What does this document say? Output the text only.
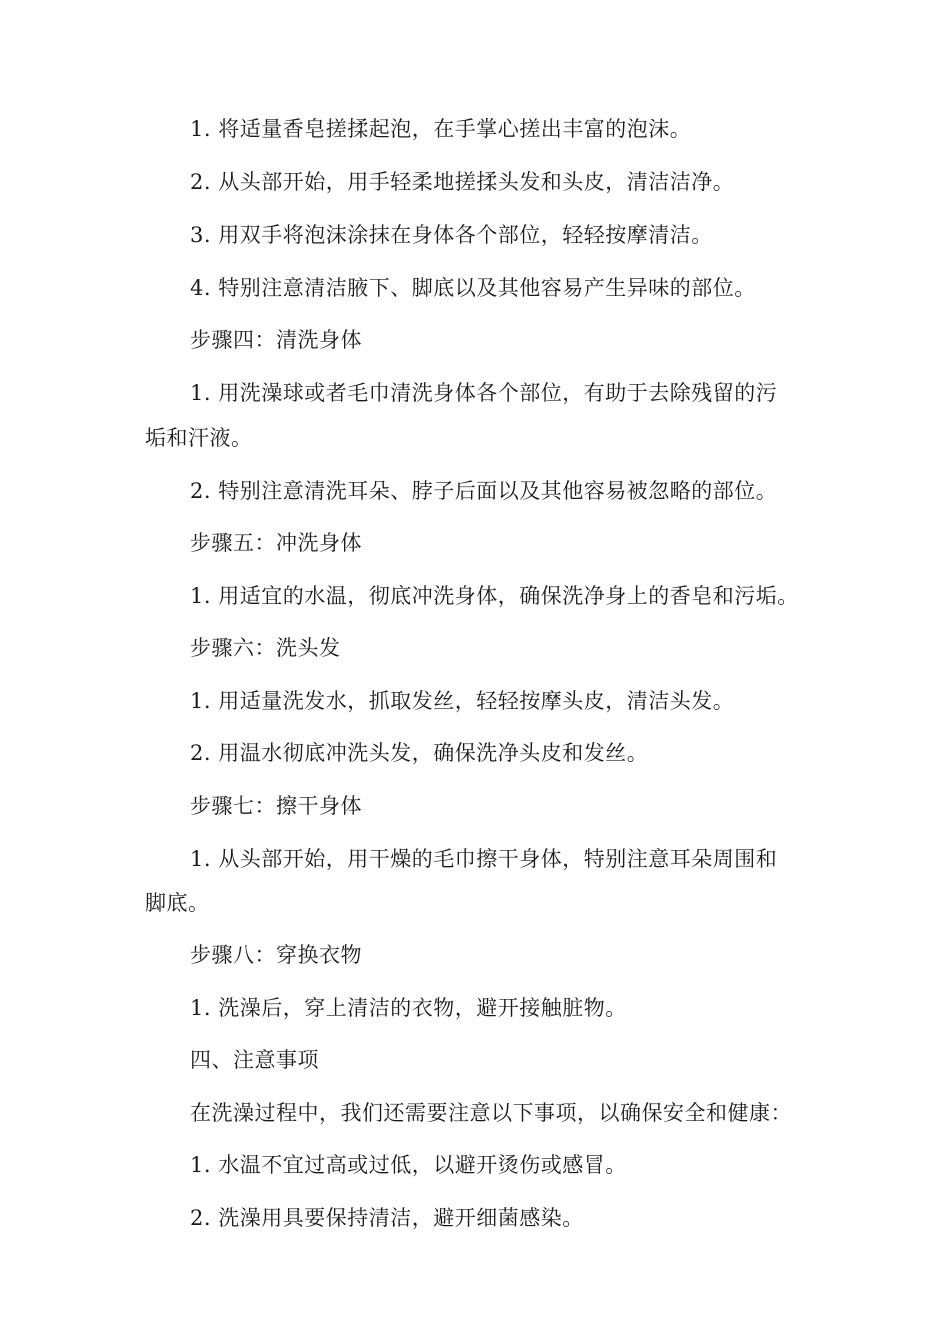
1. 将适量香皂搓揉起泡，在手掌心搓出丰富的泡沫。
2. 从头部开始，用手轻柔地搓揉头发和头皮，清洁洁净。
3. 用双手将泡沫涂抹在身体各个部位，轻轻按摩清洁。
4. 特别注意清洁腋下、脚底以及其他容易产生异味的部位。
步骤四：清洗身体
1. 用洗澡球或者毛巾清洗身体各个部位，有助于去除残留的污
垢和汗液。
2. 特别注意清洗耳朵、脖子后面以及其他容易被忽略的部位。
步骤五：冲洗身体
1. 用适宜的水温，彻底冲洗身体，确保洗净身上的香皂和污垢。
步骤六：洗头发
1. 用适量洗发水，抓取发丝，轻轻按摩头皮，清洁头发。
2. 用温水彻底冲洗头发，确保洗净头皮和发丝。
步骤七：擦干身体
1. 从头部开始，用干燥的毛巾擦干身体，特别注意耳朵周围和
脚底。
步骤八：穿换衣物
1. 洗澡后，穿上清洁的衣物，避开接触脏物。
四、注意事项
在洗澡过程中，我们还需要注意以下事项，以确保安全和健康：
1. 水温不宜过高或过低，以避开烫伤或感冒。
2. 洗澡用具要保持清洁，避开细菌感染。
